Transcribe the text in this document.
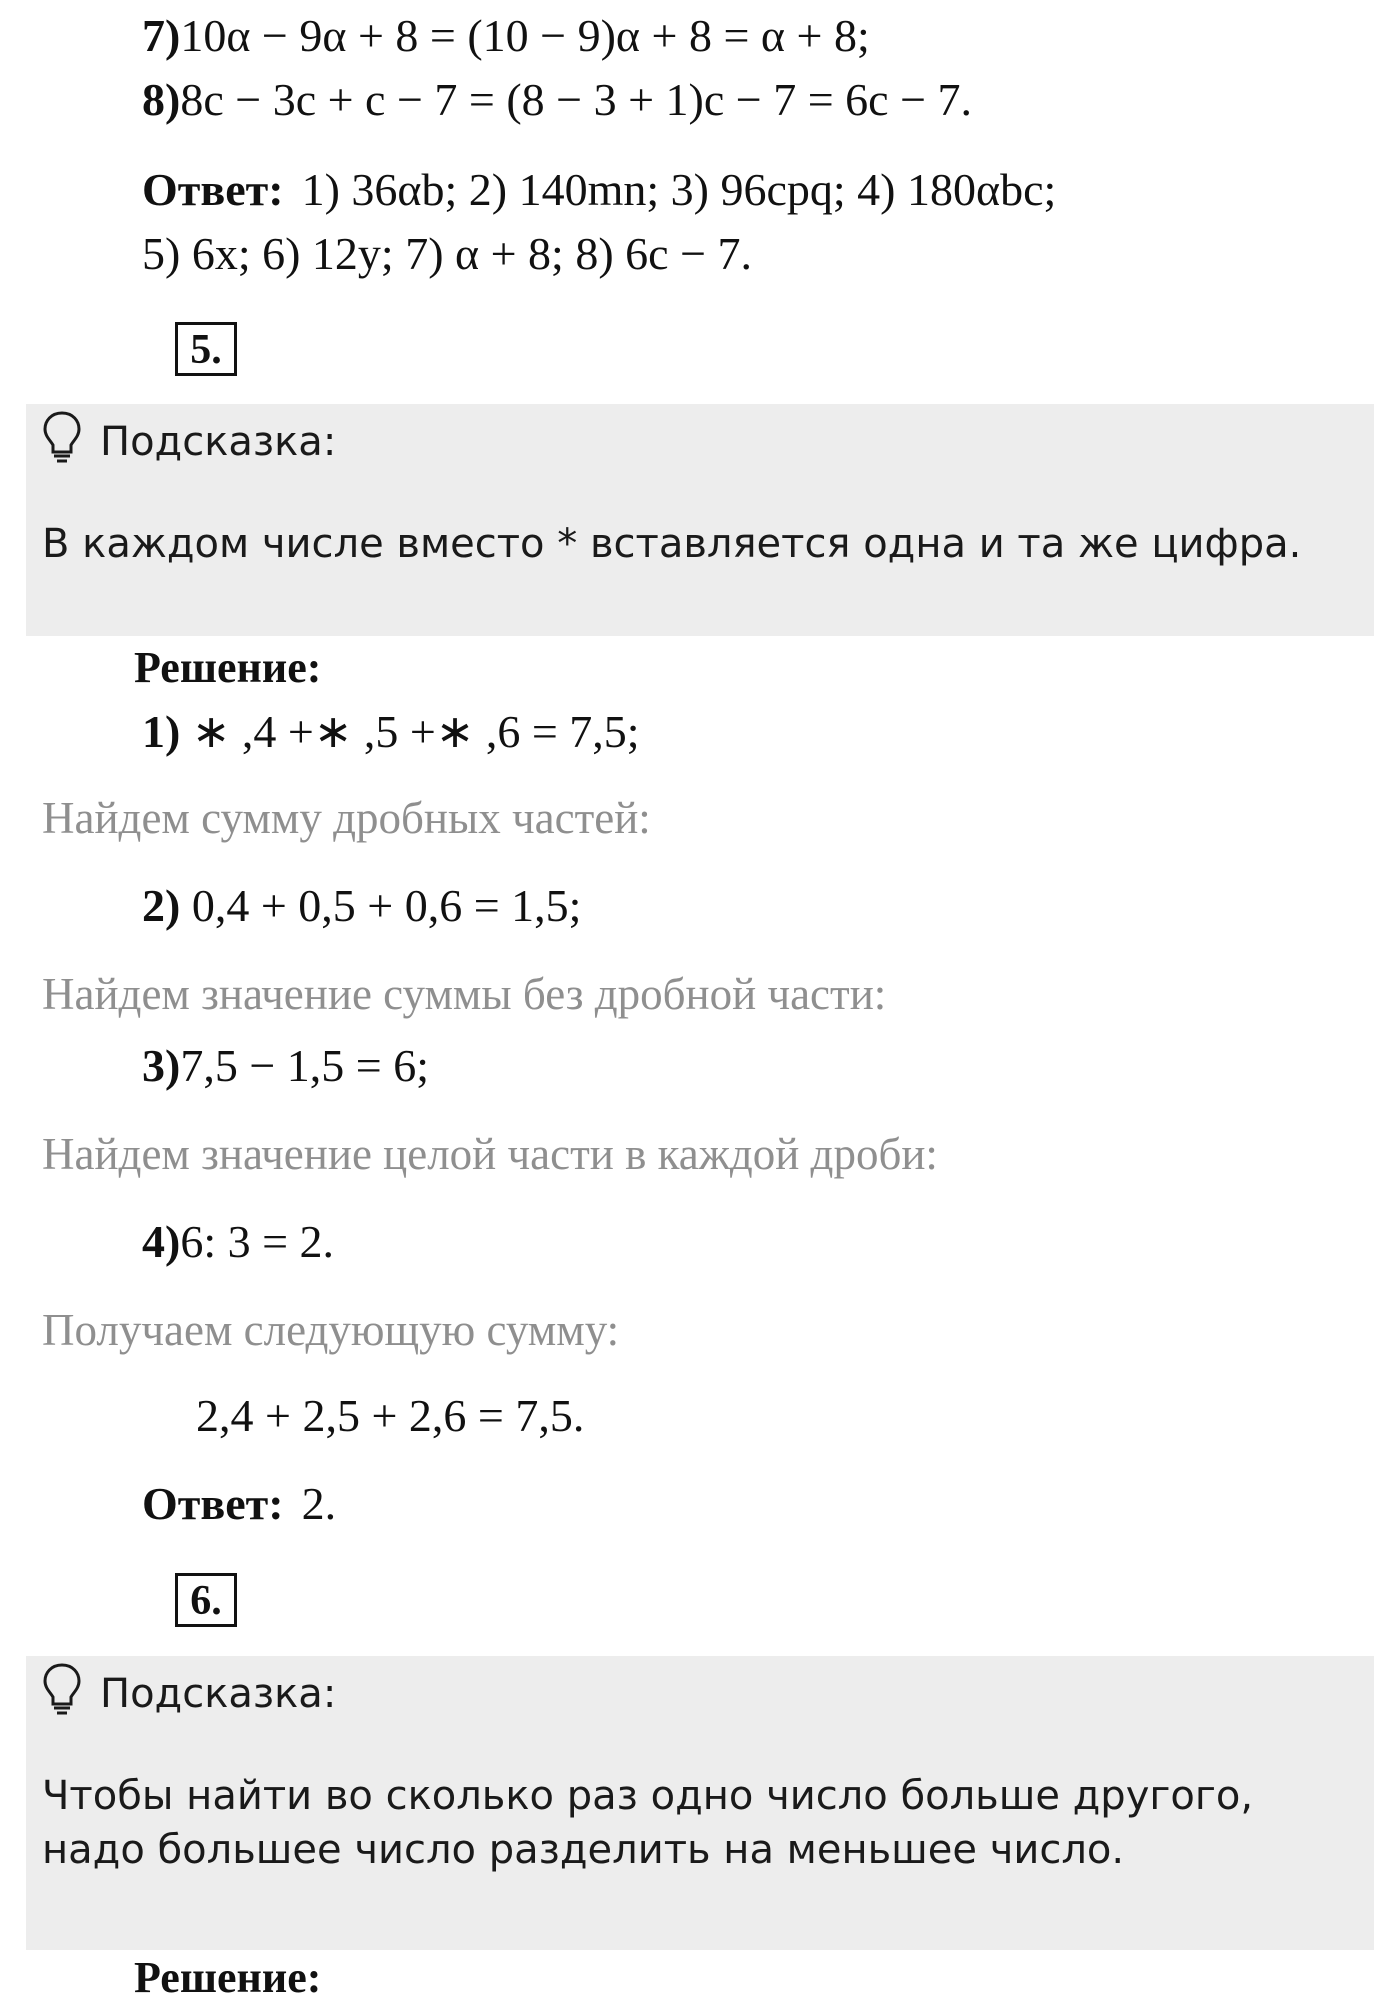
7)10α − 9α + 8 = (10 − 9)α + 8 = α + 8;
8)8c − 3c + c − 7 = (8 − 3 + 1)c − 7 = 6c − 7.
Ответ: 1) 36αb; 2) 140mn; 3) 96cpq; 4) 180αbc;
5) 6x; 6) 12y; 7) α + 8; 8) 6c − 7.
5.
Подсказка:
В каждом числе вместо * вставляется одна и та же цифра.
Решение:
1) ∗ ,4 +∗ ,5 +∗ ,6 = 7,5;
Найдем сумму дробных частей:
2) 0,4 + 0,5 + 0,6 = 1,5;
Найдем значение суммы без дробной части:
3)7,5 − 1,5 = 6;
Найдем значение целой части в каждой дроби:
4)6: 3 = 2.
Получаем следующую сумму:
2,4 + 2,5 + 2,6 = 7,5.
Ответ: 2.
6.
Подсказка:
Чтобы найти во сколько раз одно число больше другого,
надо большее число разделить на меньшее число.
Решение:
